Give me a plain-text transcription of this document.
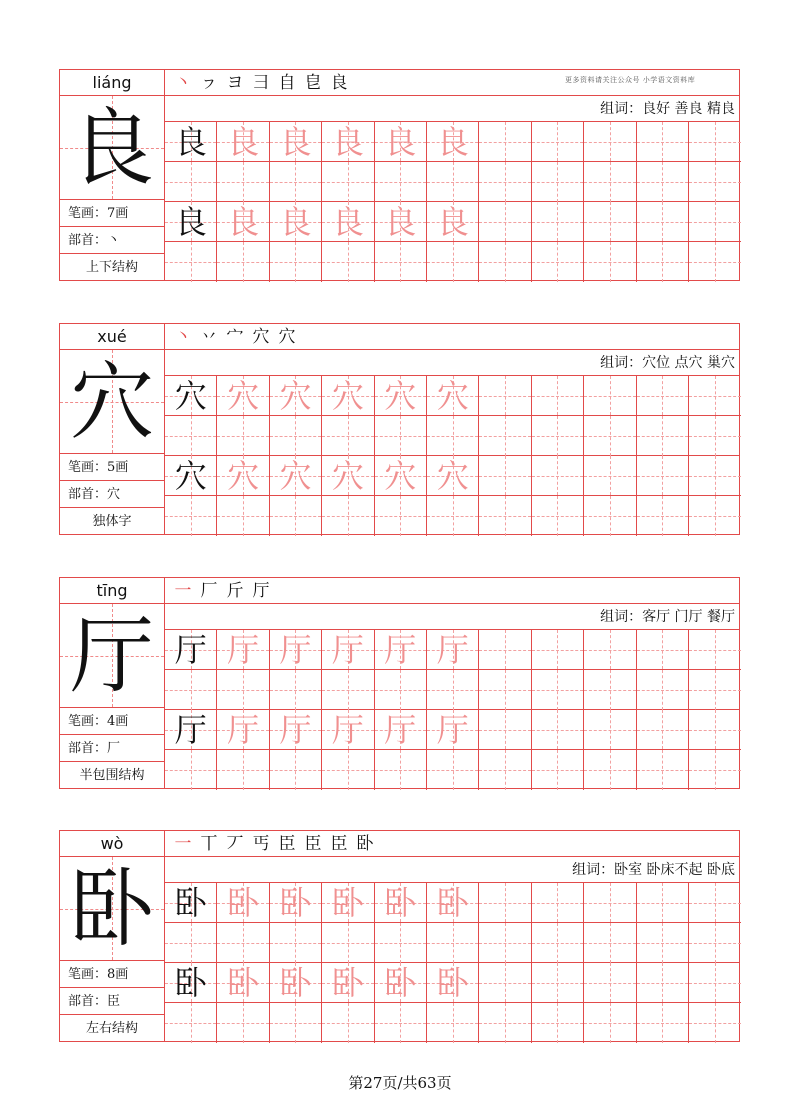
liáng
良
笔画：7画
部首：丶
上下结构
丶 ㇷ ヨ 彐 自 皀 良	更多资料请关注公众号 小学语文资料库
组词：良好 善良 精良
良 良 良 良 良 良
良 良 良 良 良 良
xué
穴
笔画：5画
部首：穴
独体字
丶 丷 宀 穴 穴
组词：穴位 点穴 巢穴
穴 穴 穴 穴 穴 穴
穴 穴 穴 穴 穴 穴
tīng
厅
笔画：4画
部首：厂
半包围结构
一 厂 斤 厅
组词：客厅 门厅 餐厅
厅 厅 厅 厅 厅 厅
厅 厅 厅 厅 厅 厅
wò
卧
笔画：8画
部首：臣
左右结构
一 丅 丆 丐 臣 臣 臣 卧
组词：卧室 卧床不起 卧底
卧 卧 卧 卧 卧 卧
卧 卧 卧 卧 卧 卧
第27页/共63页
